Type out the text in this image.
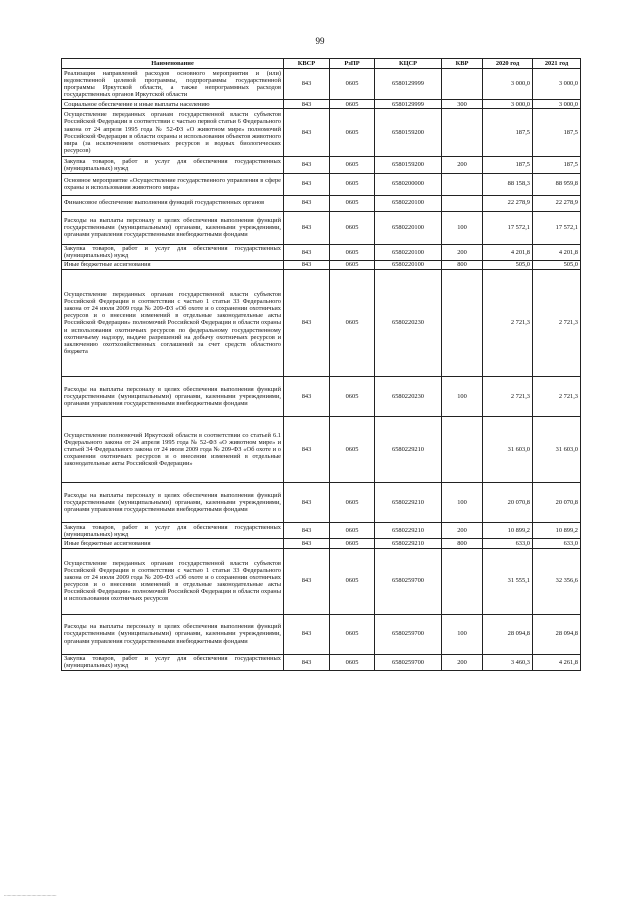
99
Наименование	КВСР	РзПР	КЦСР	КВР	2020 год	2021 год
Реализация направлений расходов основного мероприятия и (или) ведомственной целевой программы, подпрограммы государственной программы Иркутской области, а также непрограммных расходов государственных органов Иркутской области	843	0605	6580129999		3 000,0	3 000,0
Социальное обеспечение и иные выплаты населению	843	0605	6580129999	300	3 000,0	3 000,0
Осуществление переданных органам государственной власти субъектов Российской Федерации в соответствии с частью первой статьи 6 Федерального закона от 24 апреля 1995 года № 52-ФЗ «О животном мире» полномочий Российской Федерации в области охраны и использования объектов животного мира (за исключением охотничьих ресурсов и водных биологических ресурсов)	843	0605	6580159200		187,5	187,5
Закупка товаров, работ и услуг для обеспечения государственных (муниципальных) нужд	843	0605	6580159200	200	187,5	187,5
Основное мероприятие «Осуществление государственного управления в сфере охраны и использования животного мира»	843	0605	6580200000		88 158,3	88 959,8
Финансовое обеспечение выполнения функций государственных органов	843	0605	6580220100		22 278,9	22 278,9
Расходы на выплаты персоналу в целях обеспечения выполнения функций государственными (муниципальными) органами, казенными учреждениями, органами управления государственными внебюджетными фондами	843	0605	6580220100	100	17 572,1	17 572,1
Закупка товаров, работ и услуг для обеспечения государственных (муниципальных) нужд	843	0605	6580220100	200	4 201,8	4 201,8
Иные бюджетные ассигнования	843	0605	6580220100	800	505,0	505,0
Осуществление переданных органам государственной власти субъектов Российской Федерации в соответствии с частью 1 статьи 33 Федерального закона от 24 июля 2009 года № 209-ФЗ «Об охоте и о сохранении охотничьих ресурсов и о внесении изменений в отдельные законодательные акты Российской Федерации» полномочий Российской Федерации в области охраны и использования охотничьих ресурсов по федеральному государственному охотничьему надзору, выдаче разрешений на добычу охотничьих ресурсов и заключению охотхозяйственных соглашений за счет средств областного бюджета	843	0605	6580220230		2 721,3	2 721,3
Расходы на выплаты персоналу в целях обеспечения выполнения функций государственными (муниципальными) органами, казенными учреждениями, органами управления государственными внебюджетными фондами	843	0605	6580220230	100	2 721,3	2 721,3
Осуществление полномочий Иркутской области в соответствии со статьей 6.1 Федерального закона от 24 апреля 1995 года № 52-ФЗ «О животном мире» и статьей 34 Федерального закона от 24 июля 2009 года № 209-ФЗ «Об охоте и о сохранении охотничьих ресурсов и о внесении изменений в отдельные законодательные акты Российской Федерации»	843	0605	6580229210		31 603,0	31 603,0
Расходы на выплаты персоналу в целях обеспечения выполнения функций государственными (муниципальными) органами, казенными учреждениями, органами управления государственными внебюджетными фондами	843	0605	6580229210	100	20 070,8	20 070,8
Закупка товаров, работ и услуг для обеспечения государственных (муниципальных) нужд	843	0605	6580229210	200	10 899,2	10 899,2
Иные бюджетные ассигнования	843	0605	6580229210	800	633,0	633,0
Осуществление переданных органам государственной власти субъектов Российской Федерации в соответствии с частью 1 статьи 33 Федерального закона от 24 июля 2009 года № 209-ФЗ «Об охоте и о сохранении охотничьих ресурсов и о внесении изменений в отдельные законодательные акты Российской Федерации» полномочий Российской Федерации в области охраны и использования охотничьих ресурсов	843	0605	6580259700		31 555,1	32 356,6
Расходы на выплаты персоналу в целях обеспечения выполнения функций государственными (муниципальными) органами, казенными учреждениями, органами управления государственными внебюджетными фондами	843	0605	6580259700	100	28 094,8	28 094,8
Закупка товаров, работ и услуг для обеспечения государственных (муниципальных) нужд	843	0605	6580259700	200	3 460,3	4 261,8
..........................................
